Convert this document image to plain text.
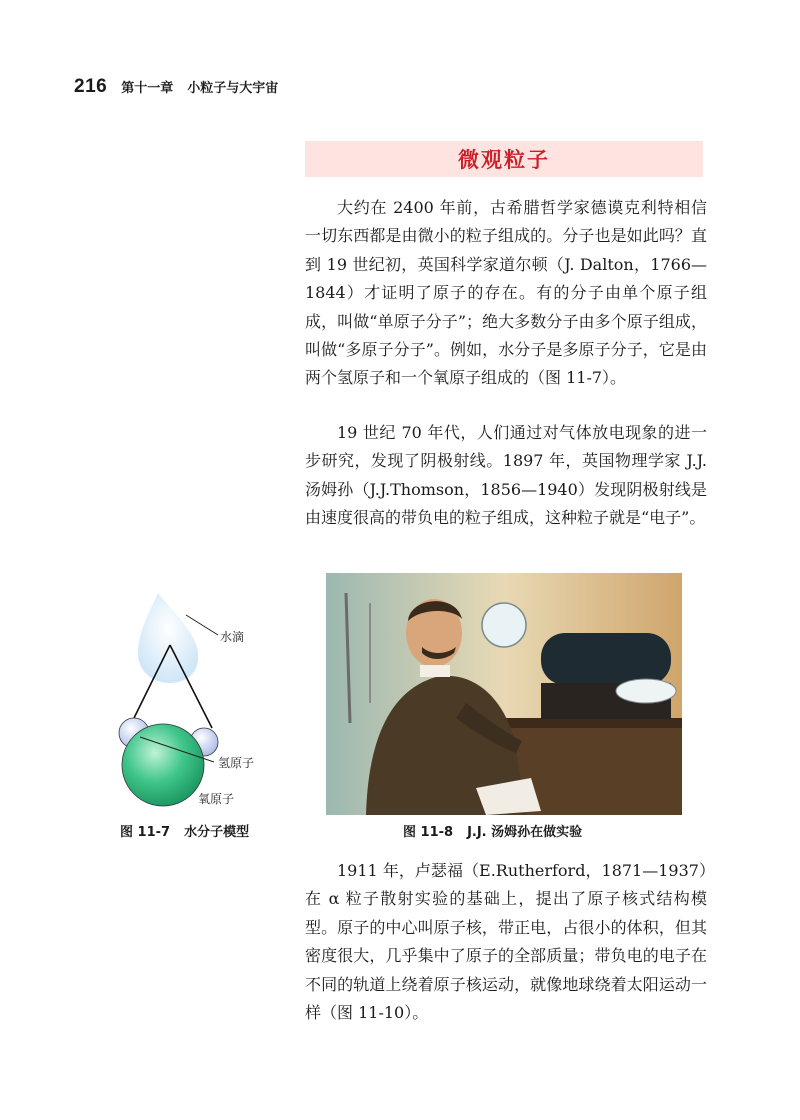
216 第十一章 小粒子与大宇宙
微观粒子

大约在 2400 年前，古希腊哲学家德谟克利特相信一切东西都是由微小的粒子组成的。分子也是如此吗？直到 19 世纪初，英国科学家道尔顿（J. Dalton，1766—1844）才证明了原子的存在。有的分子由单个原子组成，叫做“单原子分子”；绝大多数分子由多个原子组成，叫做“多原子分子”。例如，水分子是多原子分子，它是由两个氢原子和一个氧原子组成的（图 11-7）。

19 世纪 70 年代，人们通过对气体放电现象的进一步研究，发现了阴极射线。1897 年，英国物理学家 J.J. 汤姆孙（J.J.Thomson，1856—1940）发现阴极射线是由速度很高的带负电的粒子组成，这种粒子就是“电子”。

水滴
氢原子
氧原子
图 11-7 水分子模型	图 11-8 J.J. 汤姆孙在做实验

1911 年，卢瑟福（E.Rutherford，1871—1937）在 α 粒子散射实验的基础上，提出了原子核式结构模型。原子的中心叫原子核，带正电，占很小的体积，但其密度很大，几乎集中了原子的全部质量；带负电的电子在不同的轨道上绕着原子核运动，就像地球绕着太阳运动一样（图 11-10）。
